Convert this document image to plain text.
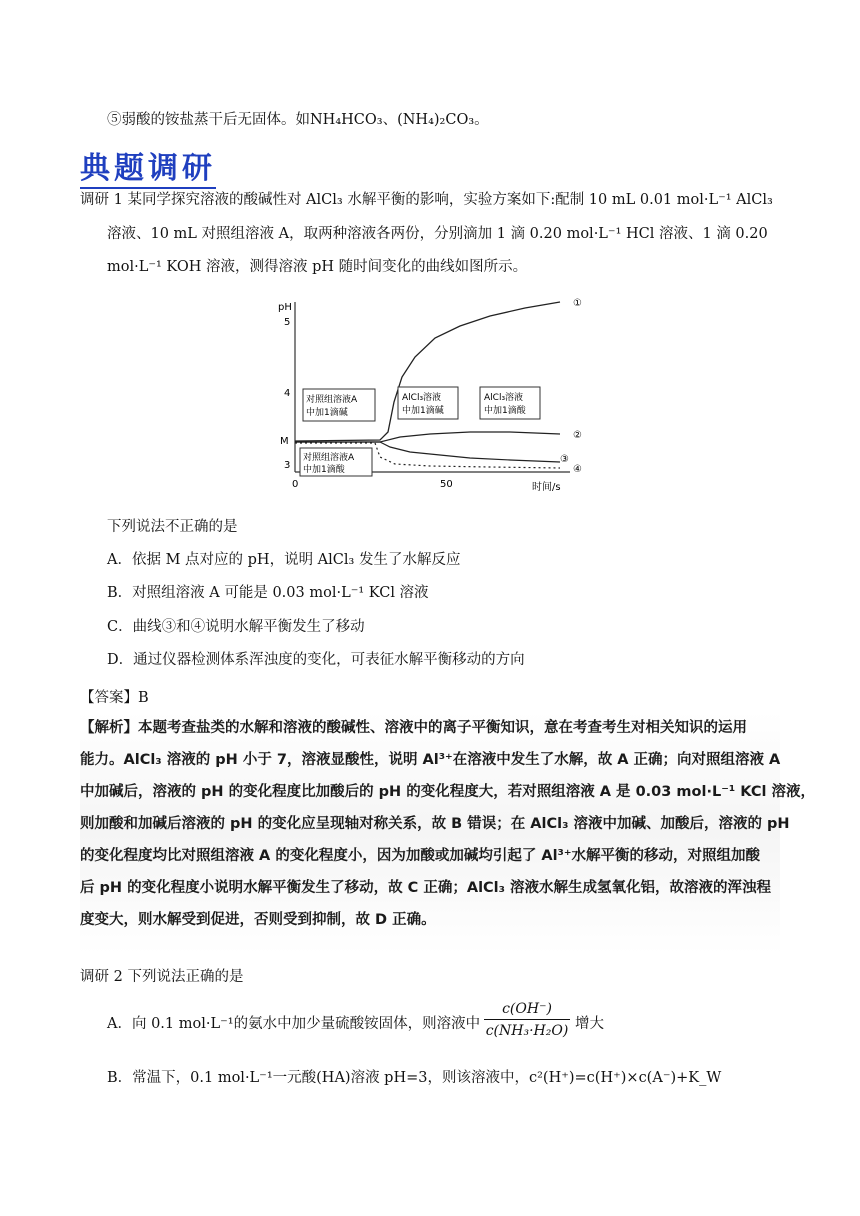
⑤弱酸的铵盐蒸干后无固体。如NH₄HCO₃、(NH₄)₂CO₃。
典题调研
调研 1 某同学探究溶液的酸碱性对 AlCl₃ 水解平衡的影响，实验方案如下:配制 10 mL 0.01 mol·L⁻¹ AlCl₃
溶液、10 mL 对照组溶液 A，取两种溶液各两份，分别滴加 1 滴 0.20 mol·L⁻¹ HCl 溶液、1 滴 0.20
mol·L⁻¹ KOH 溶液，测得溶液 pH 随时间变化的曲线如图所示。
pH
5
4
M
3
0	50	时间/s
①
②
③
④
对照组溶液A
中加1滴碱
AlCl₃溶液
中加1滴碱
AlCl₃溶液
中加1滴酸
对照组溶液A
中加1滴酸
下列说法不正确的是
A．依据 M 点对应的 pH，说明 AlCl₃ 发生了水解反应
B．对照组溶液 A 可能是 0.03 mol·L⁻¹ KCl 溶液
C．曲线③和④说明水解平衡发生了移动
D．通过仪器检测体系浑浊度的变化，可表征水解平衡移动的方向
【答案】B
【解析】本题考查盐类的水解和溶液的酸碱性、溶液中的离子平衡知识，意在考查考生对相关知识的运用
能力。AlCl₃ 溶液的 pH 小于 7，溶液显酸性，说明 Al³⁺在溶液中发生了水解，故 A 正确；向对照组溶液 A
中加碱后，溶液的 pH 的变化程度比加酸后的 pH 的变化程度大，若对照组溶液 A 是 0.03 mol·L⁻¹ KCl 溶液，
则加酸和加碱后溶液的 pH 的变化应呈现轴对称关系，故 B 错误；在 AlCl₃ 溶液中加碱、加酸后，溶液的 pH
的变化程度均比对照组溶液 A 的变化程度小，因为加酸或加碱均引起了 Al³⁺水解平衡的移动，对照组加酸
后 pH 的变化程度小说明水解平衡发生了移动，故 C 正确；AlCl₃ 溶液水解生成氢氧化铝，故溶液的浑浊程
度变大，则水解受到促进，否则受到抑制，故 D 正确。
调研 2 下列说法正确的是
A．向 0.1 mol·L⁻¹的氨水中加少量硫酸铵固体，则溶液中 $\frac{c(OH^-)}{\text{c(NH₃·H₂O)}}$ 增大
B．常温下，0.1 mol·L⁻¹一元酸(HA)溶液 pH=3，则该溶液中，c²(H⁺)=c(H⁺)×c(A⁻)+K_W
